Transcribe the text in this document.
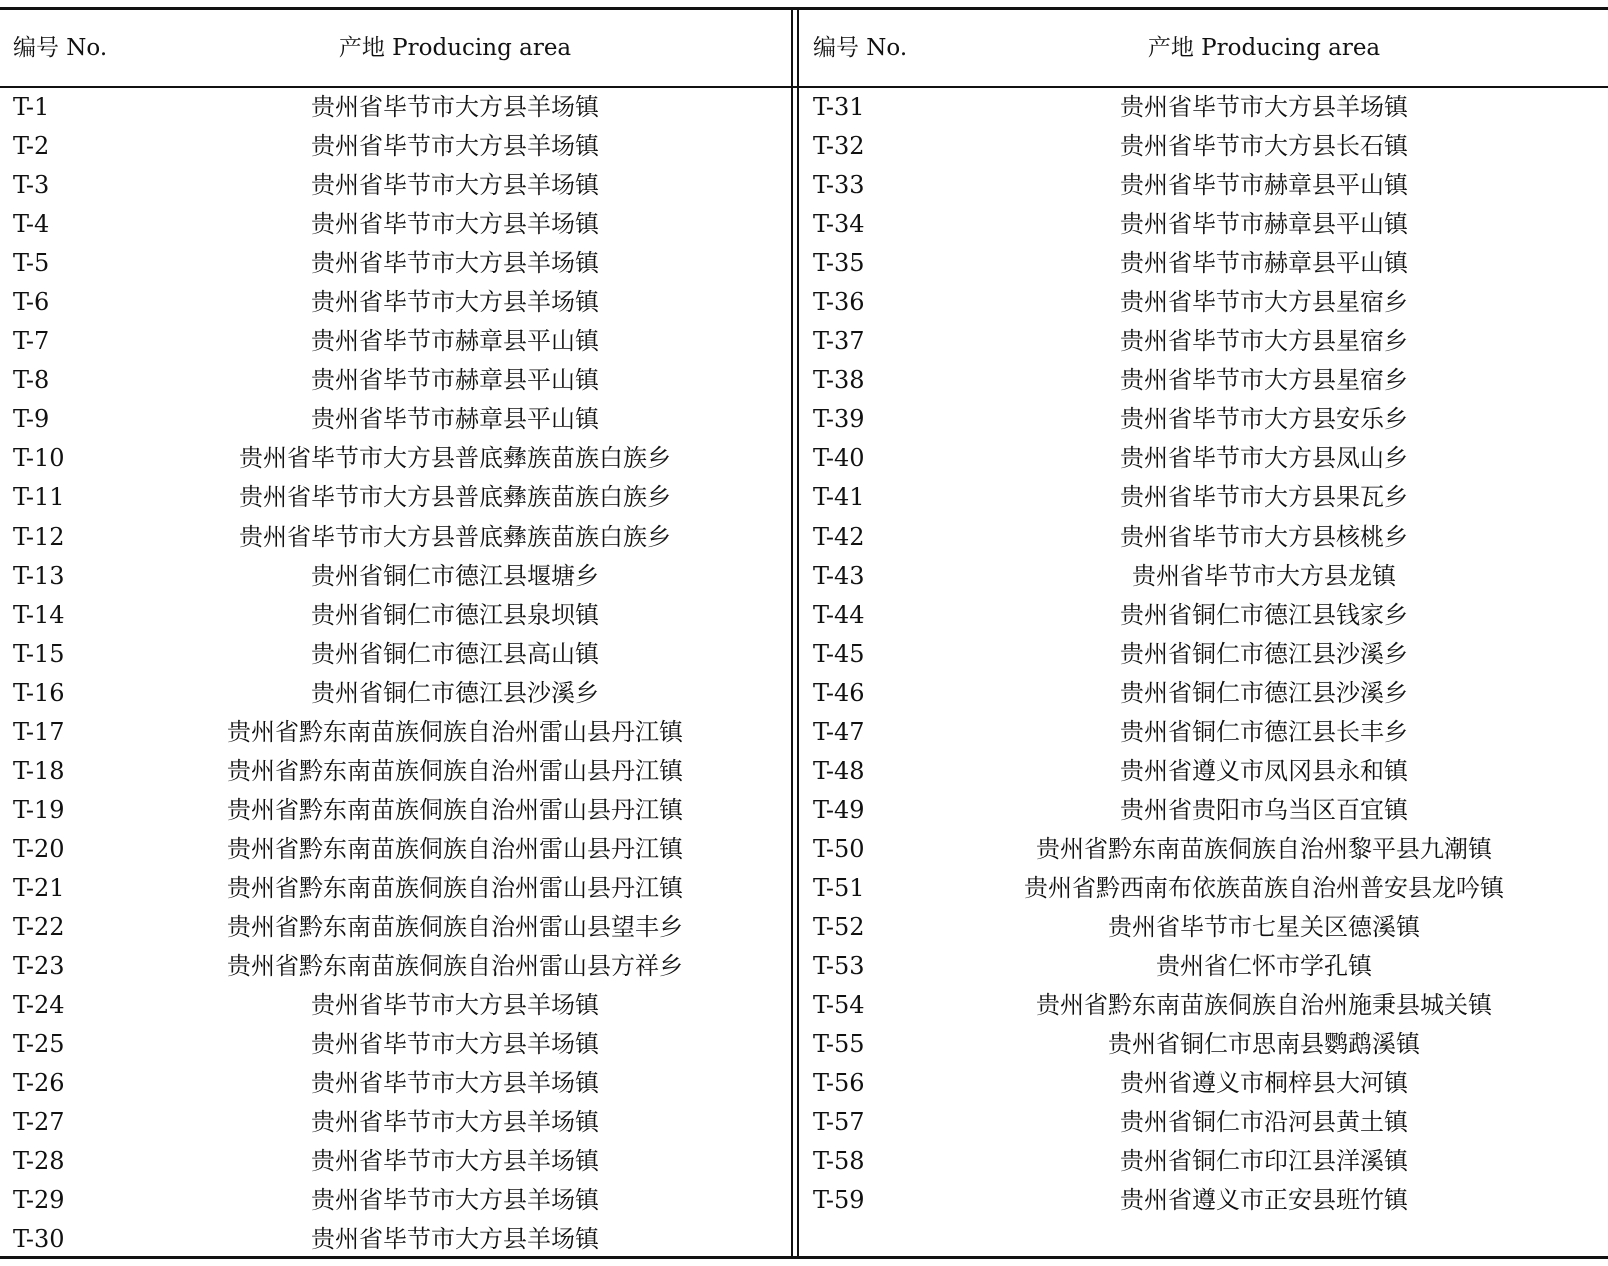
编号 No.	产地 Producing area
T-1	贵州省毕节市大方县羊场镇
T-2	贵州省毕节市大方县羊场镇
T-3	贵州省毕节市大方县羊场镇
T-4	贵州省毕节市大方县羊场镇
T-5	贵州省毕节市大方县羊场镇
T-6	贵州省毕节市大方县羊场镇
T-7	贵州省毕节市赫章县平山镇
T-8	贵州省毕节市赫章县平山镇
T-9	贵州省毕节市赫章县平山镇
T-10	贵州省毕节市大方县普底彝族苗族白族乡
T-11	贵州省毕节市大方县普底彝族苗族白族乡
T-12	贵州省毕节市大方县普底彝族苗族白族乡
T-13	贵州省铜仁市德江县堰塘乡
T-14	贵州省铜仁市德江县泉坝镇
T-15	贵州省铜仁市德江县高山镇
T-16	贵州省铜仁市德江县沙溪乡
T-17	贵州省黔东南苗族侗族自治州雷山县丹江镇
T-18	贵州省黔东南苗族侗族自治州雷山县丹江镇
T-19	贵州省黔东南苗族侗族自治州雷山县丹江镇
T-20	贵州省黔东南苗族侗族自治州雷山县丹江镇
T-21	贵州省黔东南苗族侗族自治州雷山县丹江镇
T-22	贵州省黔东南苗族侗族自治州雷山县望丰乡
T-23	贵州省黔东南苗族侗族自治州雷山县方祥乡
T-24	贵州省毕节市大方县羊场镇
T-25	贵州省毕节市大方县羊场镇
T-26	贵州省毕节市大方县羊场镇
T-27	贵州省毕节市大方县羊场镇
T-28	贵州省毕节市大方县羊场镇
T-29	贵州省毕节市大方县羊场镇
T-30	贵州省毕节市大方县羊场镇
编号 No.	产地 Producing area
T-31	贵州省毕节市大方县羊场镇
T-32	贵州省毕节市大方县长石镇
T-33	贵州省毕节市赫章县平山镇
T-34	贵州省毕节市赫章县平山镇
T-35	贵州省毕节市赫章县平山镇
T-36	贵州省毕节市大方县星宿乡
T-37	贵州省毕节市大方县星宿乡
T-38	贵州省毕节市大方县星宿乡
T-39	贵州省毕节市大方县安乐乡
T-40	贵州省毕节市大方县凤山乡
T-41	贵州省毕节市大方县果瓦乡
T-42	贵州省毕节市大方县核桃乡
T-43	贵州省毕节市大方县龙镇
T-44	贵州省铜仁市德江县钱家乡
T-45	贵州省铜仁市德江县沙溪乡
T-46	贵州省铜仁市德江县沙溪乡
T-47	贵州省铜仁市德江县长丰乡
T-48	贵州省遵义市凤冈县永和镇
T-49	贵州省贵阳市乌当区百宜镇
T-50	贵州省黔东南苗族侗族自治州黎平县九潮镇
T-51	贵州省黔西南布依族苗族自治州普安县龙吟镇
T-52	贵州省毕节市七星关区德溪镇
T-53	贵州省仁怀市学孔镇
T-54	贵州省黔东南苗族侗族自治州施秉县城关镇
T-55	贵州省铜仁市思南县鹦鹉溪镇
T-56	贵州省遵义市桐梓县大河镇
T-57	贵州省铜仁市沿河县黄土镇
T-58	贵州省铜仁市印江县洋溪镇
T-59	贵州省遵义市正安县班竹镇
